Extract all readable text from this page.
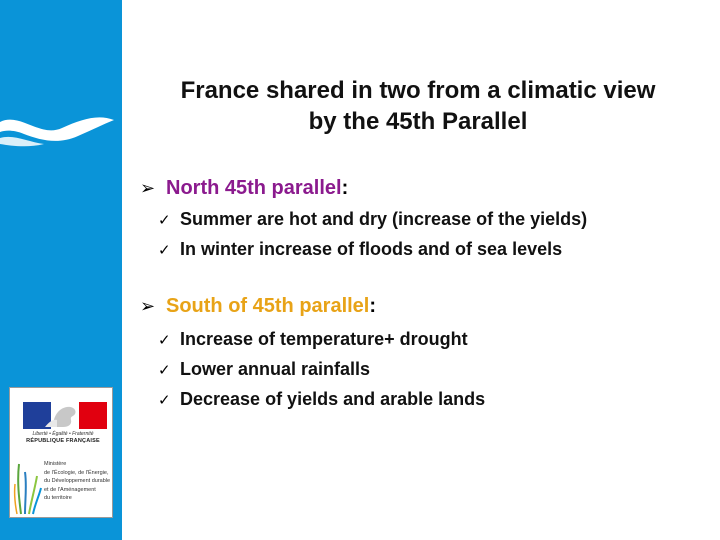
Liberté • Égalité • Fraternité
RÉPUBLIQUE FRANÇAISE
Ministère
de l'Écologie, de l'Énergie,
du Développement durable
et de l'Aménagement
du territoire
France shared in two from a climatic view
by the 45th Parallel
➢ North 45th parallel:
✓ Summer are hot and dry (increase of the yields)
✓ In winter increase of floods and of sea levels
➢ South of 45th parallel:
✓ Increase of temperature+ drought
✓ Lower annual rainfalls
✓ Decrease of yields and arable lands
